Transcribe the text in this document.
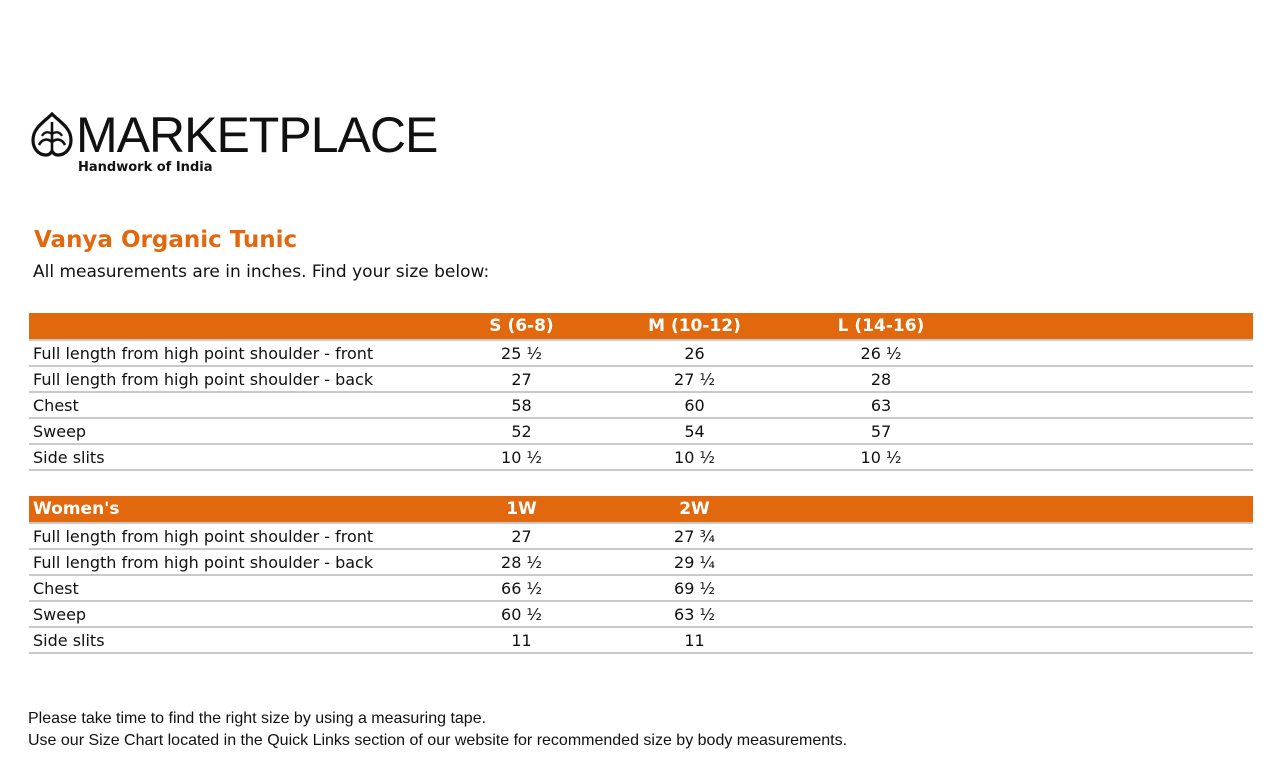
MARKETPLACE
Handwork of India
Vanya Organic Tunic
All measurements are in inches. Find your size below:
	S (6-8)	M (10-12)	L (14-16)	
Full length from high point shoulder - front	25 ½	26	26 ½	
Full length from high point shoulder - back	27	27 ½	28	
Chest	58	60	63	
Sweep	52	54	57	
Side slits	10 ½	10 ½	10 ½	
Women's	1W	2W		
Full length from high point shoulder - front	27	27 ¾		
Full length from high point shoulder - back	28 ½	29 ¼		
Chest	66 ½	69 ½		
Sweep	60 ½	63 ½		
Side slits	11	11		
Please take time to find the right size by using a measuring tape.
Use our Size Chart located in the Quick Links section of our website for recommended size by body measurements.
